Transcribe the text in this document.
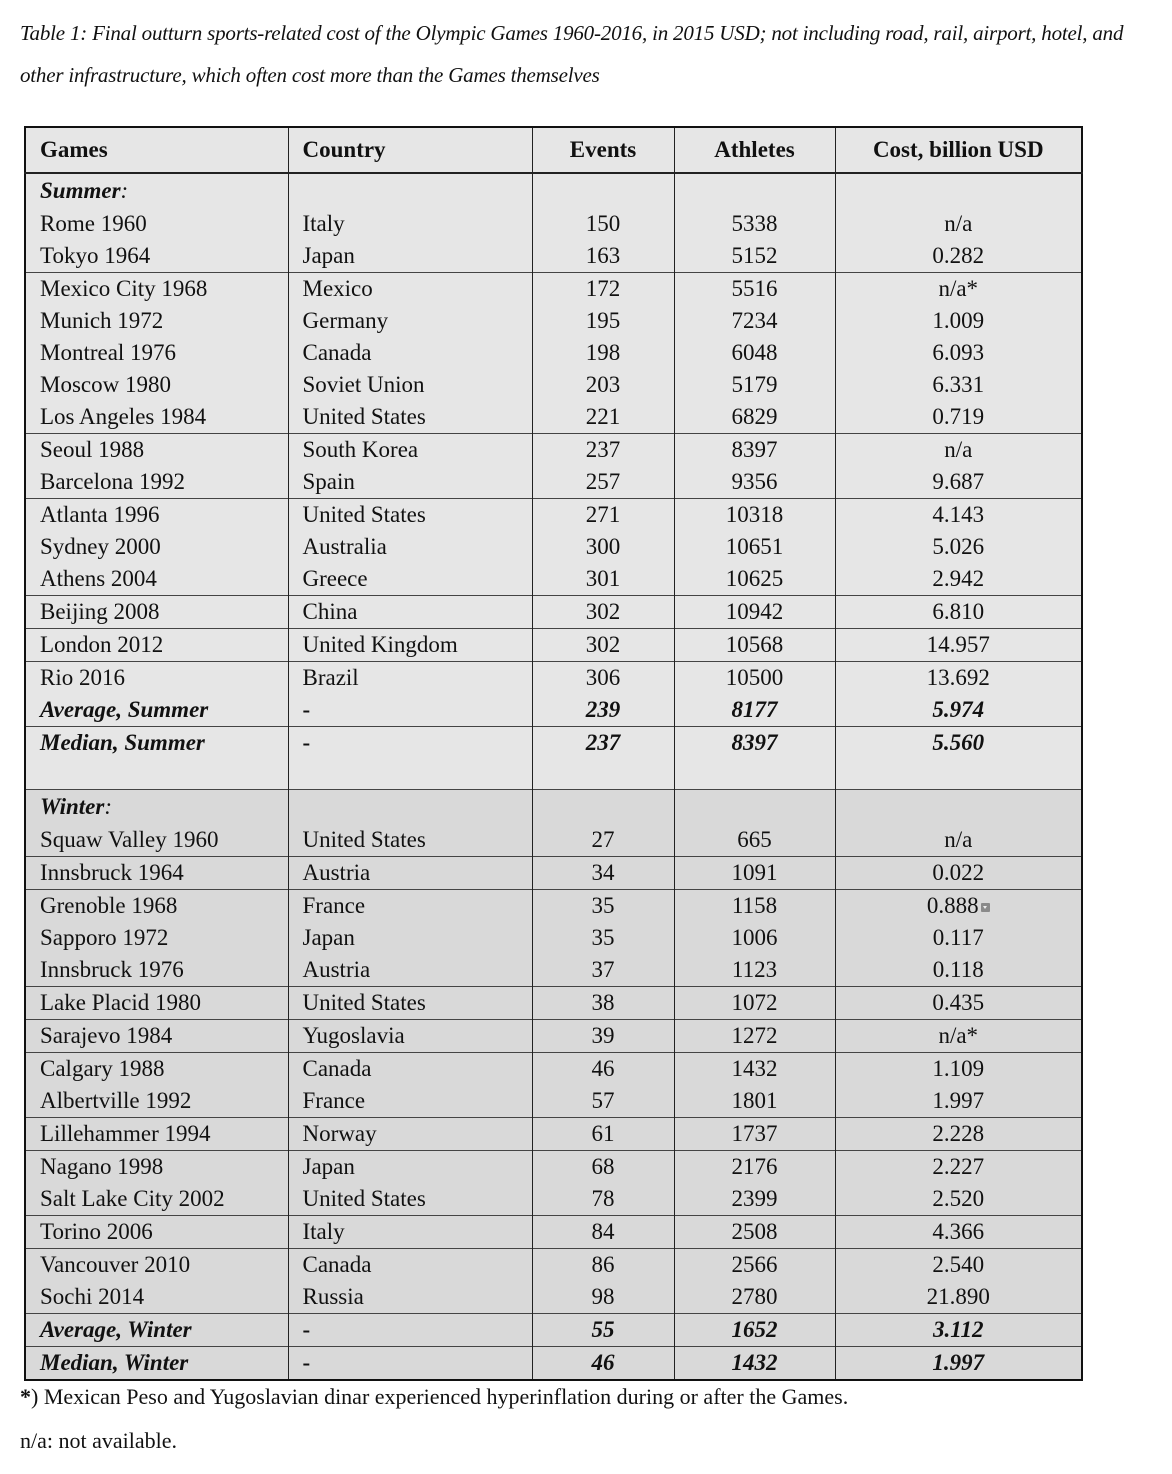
Table 1: Final outturn sports-related cost of the Olympic Games 1960-2016, in 2015 USD; not including road, rail, airport, hotel, and other infrastructure, which often cost more than the Games themselves
Games	Country	Events	Athletes	Cost, billion USD
Summer:				
Rome 1960	Italy	150	5338	n/a
Tokyo 1964	Japan	163	5152	0.282
Mexico City 1968	Mexico	172	5516	n/a*
Munich 1972	Germany	195	7234	1.009
Montreal 1976	Canada	198	6048	6.093
Moscow 1980	Soviet Union	203	5179	6.331
Los Angeles 1984	United States	221	6829	0.719
Seoul 1988	South Korea	237	8397	n/a
Barcelona 1992	Spain	257	9356	9.687
Atlanta 1996	United States	271	10318	4.143
Sydney 2000	Australia	300	10651	5.026
Athens 2004	Greece	301	10625	2.942
Beijing 2008	China	302	10942	6.810
London 2012	United Kingdom	302	10568	14.957
Rio 2016	Brazil	306	10500	13.692
Average, Summer	-	239	8177	5.974
Median, Summer	-	237	8397	5.560

Winter:				
Squaw Valley 1960	United States	27	665	n/a
Innsbruck 1964	Austria	34	1091	0.022
Grenoble 1968	France	35	1158	0.888
Sapporo 1972	Japan	35	1006	0.117
Innsbruck 1976	Austria	37	1123	0.118
Lake Placid 1980	United States	38	1072	0.435
Sarajevo 1984	Yugoslavia	39	1272	n/a*
Calgary 1988	Canada	46	1432	1.109
Albertville 1992	France	57	1801	1.997
Lillehammer 1994	Norway	61	1737	2.228
Nagano 1998	Japan	68	2176	2.227
Salt Lake City 2002	United States	78	2399	2.520
Torino 2006	Italy	84	2508	4.366
Vancouver 2010	Canada	86	2566	2.540
Sochi 2014	Russia	98	2780	21.890
Average, Winter	-	55	1652	3.112
Median, Winter	-	46	1432	1.997
*) Mexican Peso and Yugoslavian dinar experienced hyperinflation during or after the Games.
n/a: not available.
